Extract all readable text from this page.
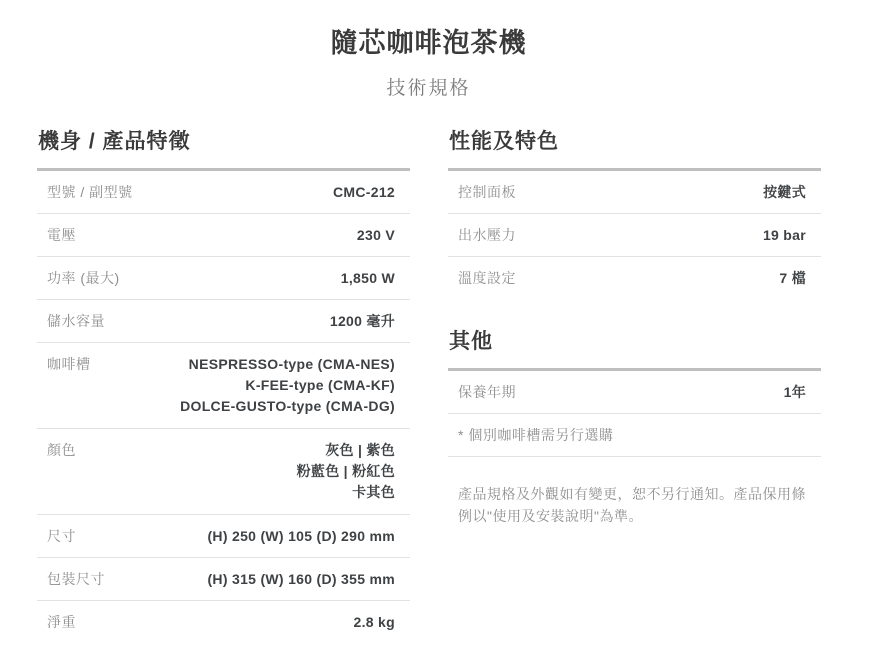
隨芯咖啡泡茶機
技術規格
機身 / 產品特徵
型號 / 副型號	CMC-212
電壓	230 V
功率 (最大)	1,850 W
儲水容量	1200 毫升
咖啡槽	NESPRESSO-type (CMA-NES)
K-FEE-type (CMA-KF)
DOLCE-GUSTO-type (CMA-DG)
顏色	灰色 | 紫色
粉藍色 | 粉紅色
卡其色
尺寸	(H) 250 (W) 105 (D) 290 mm
包裝尺寸	(H) 315 (W) 160 (D) 355 mm
淨重	2.8 kg
性能及特色
控制面板	按鍵式
出水壓力	19 bar
溫度設定	7 檔
其他
保養年期	1年
* 個別咖啡槽需另行選購

產品規格及外觀如有變更，恕不另行通知。產品保用條例以"使用及安裝說明"為準。
